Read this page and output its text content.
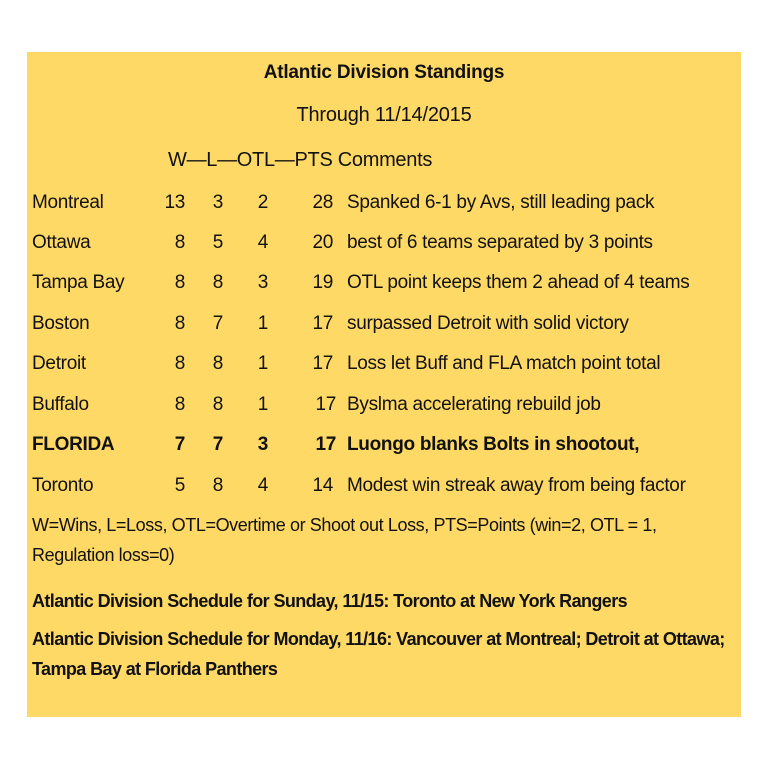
Atlantic Division Standings
Through 11/14/2015
W—L—OTL—PTS Comments
Montreal	13	3	2	28 Spanked 6-1 by Avs, still leading pack
Ottawa	8	5	4	20 best of 6 teams separated by 3 points
Tampa Bay	8	8	3	19 OTL point keeps them 2 ahead of 4 teams
Boston	8	7	1	17 surpassed Detroit with solid victory
Detroit	8	8	1	17 Loss let Buff and FLA match point total
Buffalo	8	8	1	17 Byslma accelerating rebuild job
FLORIDA	7	7	3	17 Luongo blanks Bolts in shootout,
Toronto	5	8	4	14 Modest win streak away from being factor
W=Wins, L=Loss, OTL=Overtime or Shoot out Loss, PTS=Points (win=2, OTL = 1, Regulation loss=0)
Atlantic Division Schedule for Sunday, 11/15: Toronto at New York Rangers
Atlantic Division Schedule for Monday, 11/16: Vancouver at Montreal; Detroit at Ottawa; Tampa Bay at Florida Panthers
